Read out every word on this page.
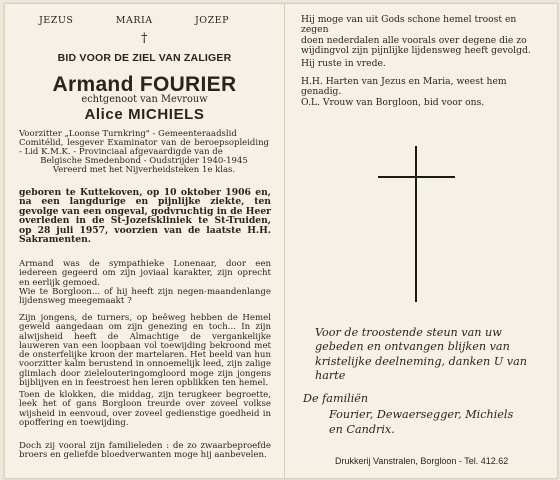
JEZUS	MARIA	JOZEP
†
BID VOOR DE ZIEL VAN ZALIGER
Armand FOURIER
echtgenoot van Mevrouw
Alice MICHIELS
Voorzitter „Loonse Turnkring" - Gemeenteraadslid
Comitélid, lesgever Examinator van de beroepsopleiding - Lid K.M.K. - Provinciaal afgevaardigde van de
Belgische Smedenbond - Oudstrijder 1940-1945
Vereerd met het Nijverheidsteken 1e klas.
geboren te Kuttekoven, op 10 oktober 1906 en, na een langdurige en pijnlijke ziekte, ten gevolge van een ongeval, godvruchtig in de Heer overleden in de St-Jozefskliniek te St-Truiden, op 28 juli 1957, voorzien van de laatste H.H. Sakramenten.
Armand was de sympathieke Lonenaar, door een iedereen gegeerd om zijn joviaal karakter, zijn oprecht en eerlijk gemoed.
Wie te Borgloon... of hij heeft zijn negen-maandenlange lijdensweg meegemaakt ?
Zijn jongens, de turners, op beêweg hebben de Hemel geweld aangedaan om zijn genezing en toch... In zijn alwijsheid heeft de Almachtige de vergankelijke lauweren van een loopbaan vol toewijding bekroond met de onsterfelijke kroon der martelaren. Het beeld van hun voorzitter kalm berustend in onnoemelijk leed, zijn zalige glimlach door zielelouteringomgloord moge zijn jongens bijblijven en in feestroest hen leren opblikken ten hemel.
Toen de klokken, die middag, zijn terugkeer begroette, leek het of gans Borgloon treurde over zoveel volkse wijsheid in eenvoud, over zoveel gedienstige goedheid in opoffering en toewijding.
Doch zij vooral zijn familieleden : de zo zwaarbeproefde broers en geliefde bloedverwanten moge hij aanbevelen.
Hij moge van uit Gods schone hemel troost en zegen
doen nederdalen alle voorals over degene die zo wijdingvol zijn pijnlijke lijdensweg heeft gevolgd.
Hij ruste in vrede.
H.H. Harten van Jezus en Maria, weest hem genadig.
O.L. Vrouw van Borgloon, bid voor ons.
Voor de troostende steun van uw gebeden en ontvangen blijken van kristelijke deelneming, danken U van harte
De familiën
Fourier, Dewaersegger, Michiels
en Candrix.
Drukkerij Vanstralen, Borgloon - Tel. 412.62
